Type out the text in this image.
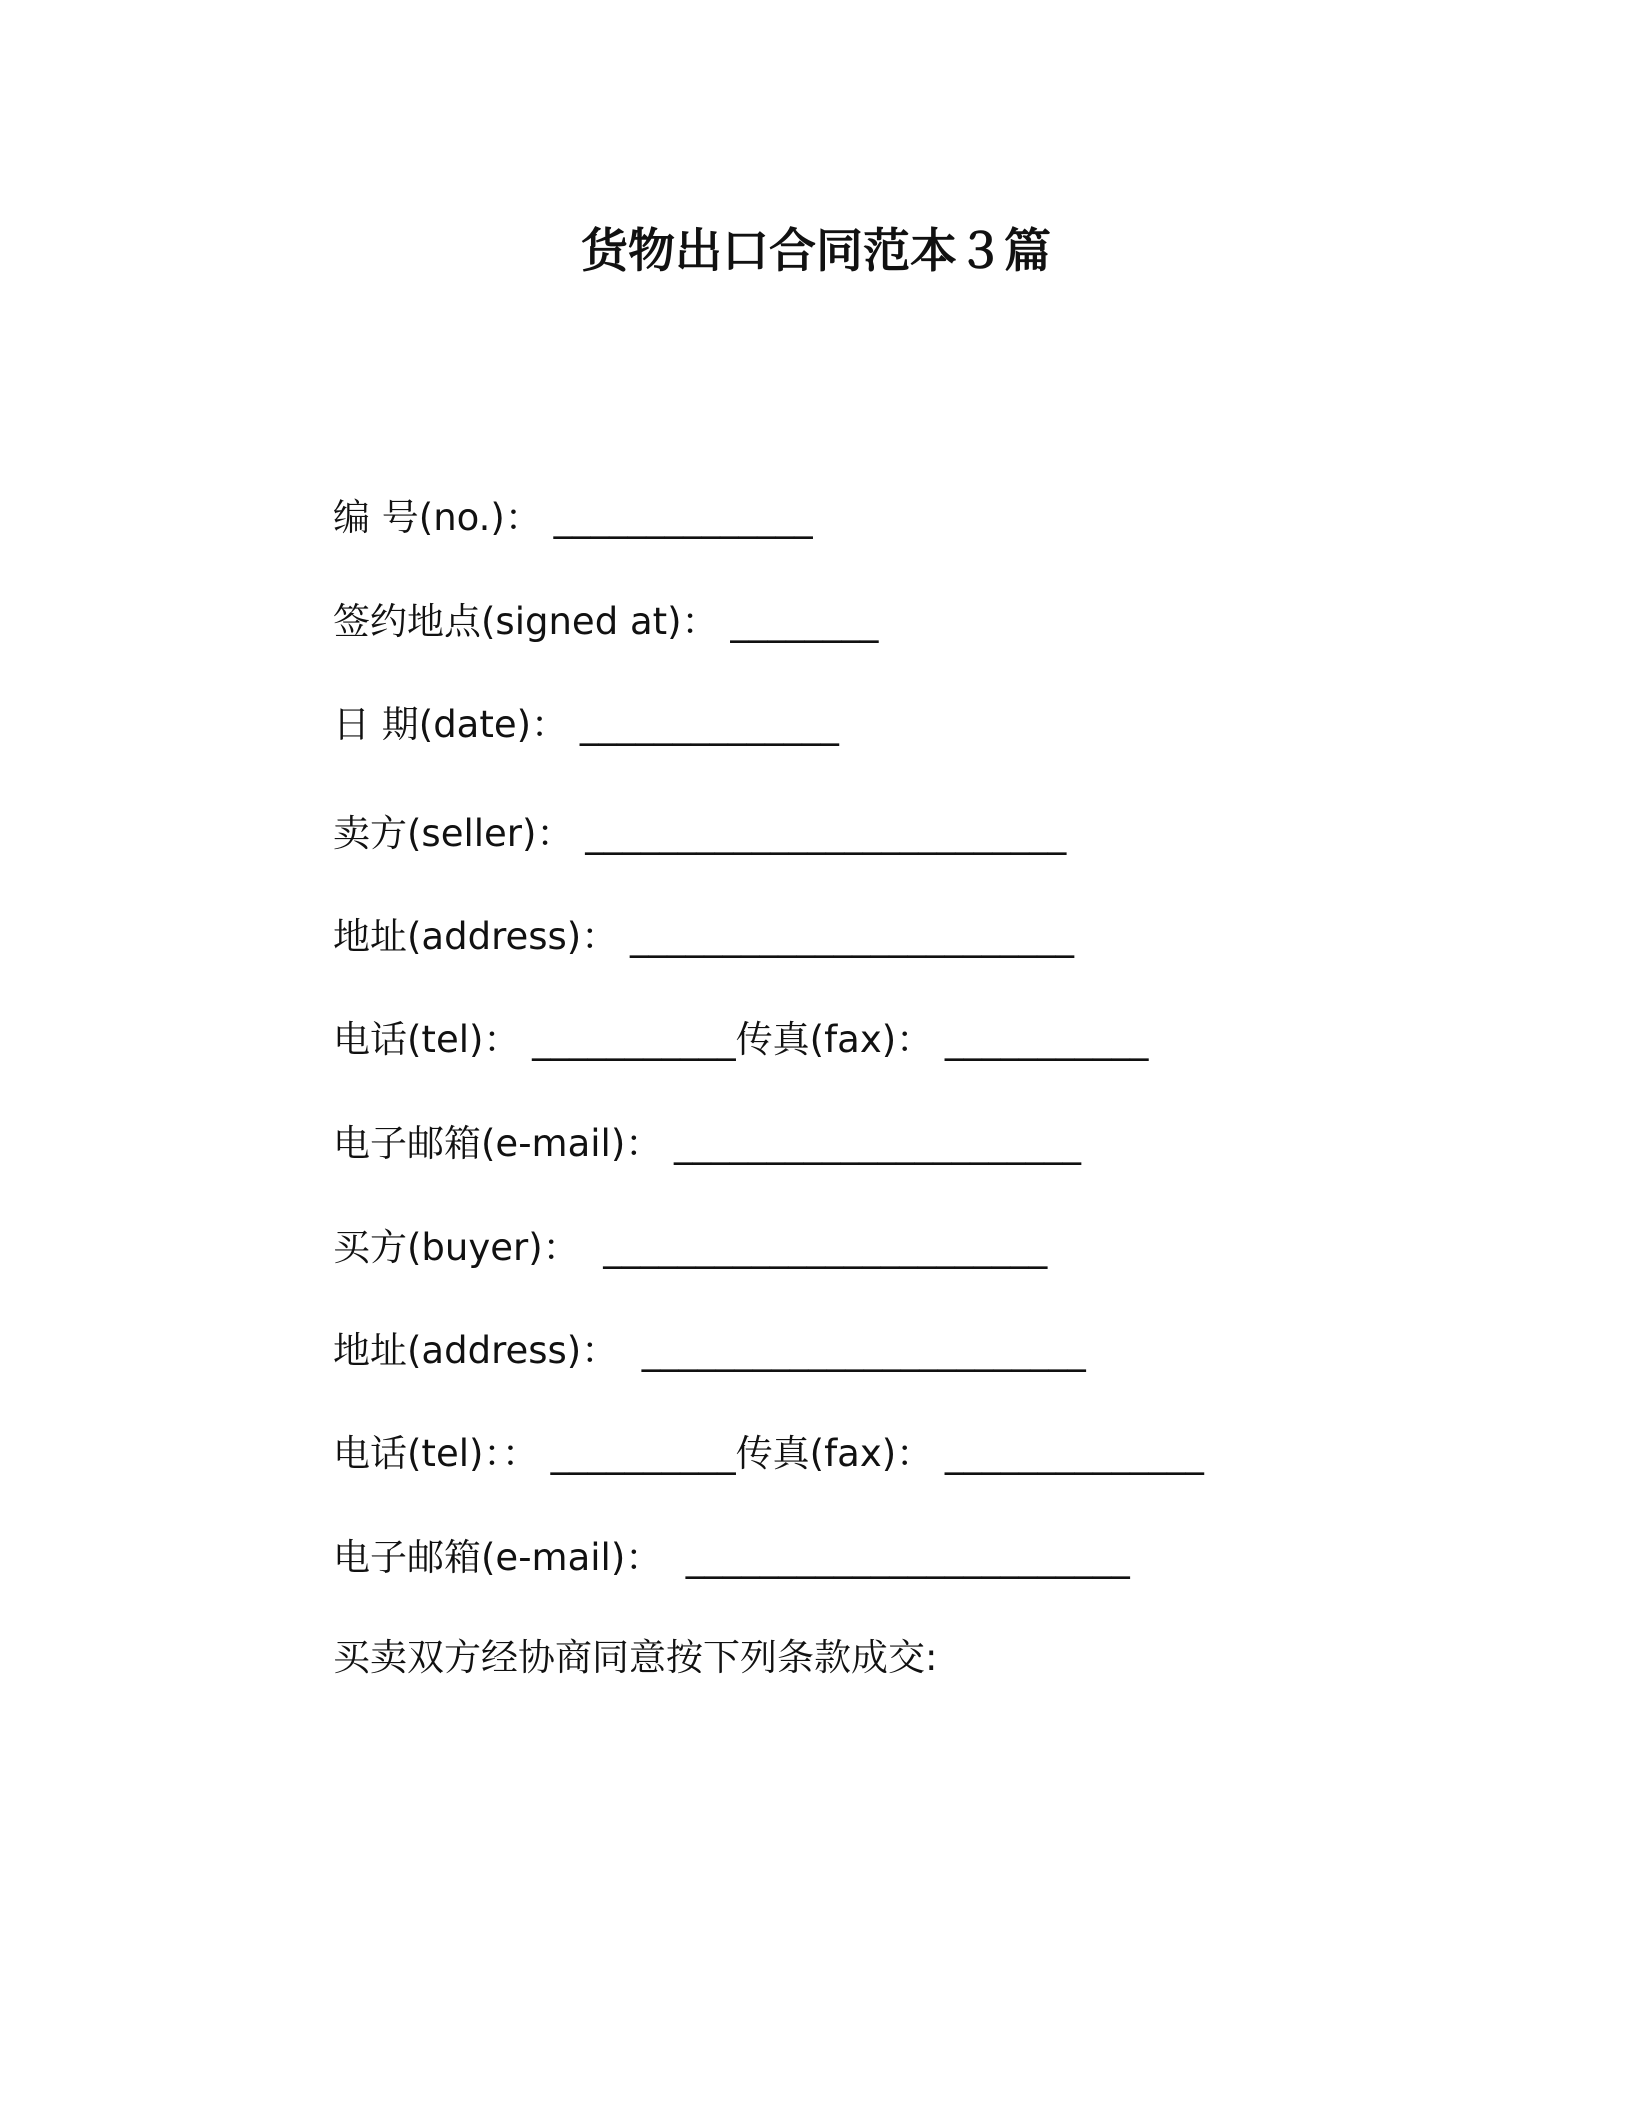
货物出口合同范本３篇
编 号(no.)： ______________
签约地点(signed at)： ________
日 期(date)： ______________
卖方(seller)： __________________________
地址(address)： ________________________
电话(tel)： ___________传真(fax)： ___________
电子邮箱(e-mail)： ______________________
买方(buyer)：  ________________________
地址(address)：  ________________________
电话(tel)：： __________传真(fax)： ______________
电子邮箱(e-mail)：  ________________________
买卖双方经协商同意按下列条款成交:
